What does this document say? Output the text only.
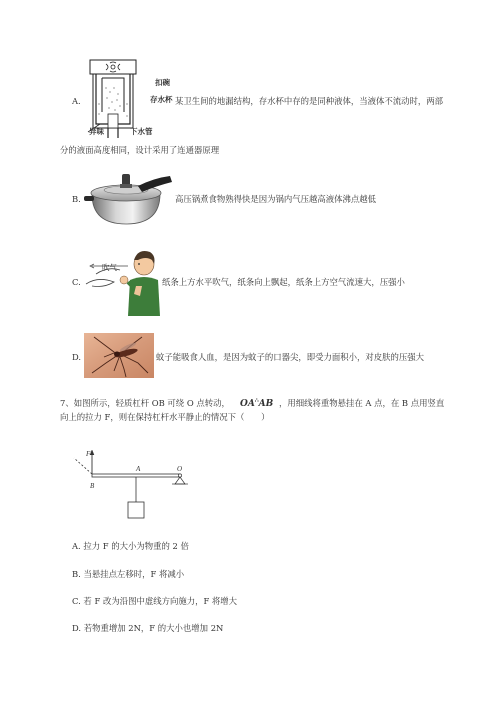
扣碗
存水杯
异味	下水管
A.	某卫生间的地漏结构，存水杯中存的是同种液体，当液体不流动时，两部
分的液面高度相同，设计采用了连通器原理
B.	高压锅煮食物熟得快是因为锅内气压越高液体沸点越低
吹气
C.	纸条上方水平吹气，纸条向上飘起，纸条上方空气流速大，压强小
D.	蚊子能吸食人血，是因为蚊子的口器尖，即受力面积小，对皮肤的压强大
7、如图所示，轻质杠杆 OB 可绕 O 点转动， OA∴AB ，用细线将重物悬挂在 A 点，在 B 点用竖直
向上的拉力 F，则在保持杠杆水平静止的情况下（　　）
F
B
A	O
A. 拉力 F 的大小为物重的 2 倍
B. 当悬挂点左移时，F 将减小
C. 若 F 改为沿图中虚线方向施力，F 将增大
D. 若物重增加 2N，F 的大小也增加 2N
